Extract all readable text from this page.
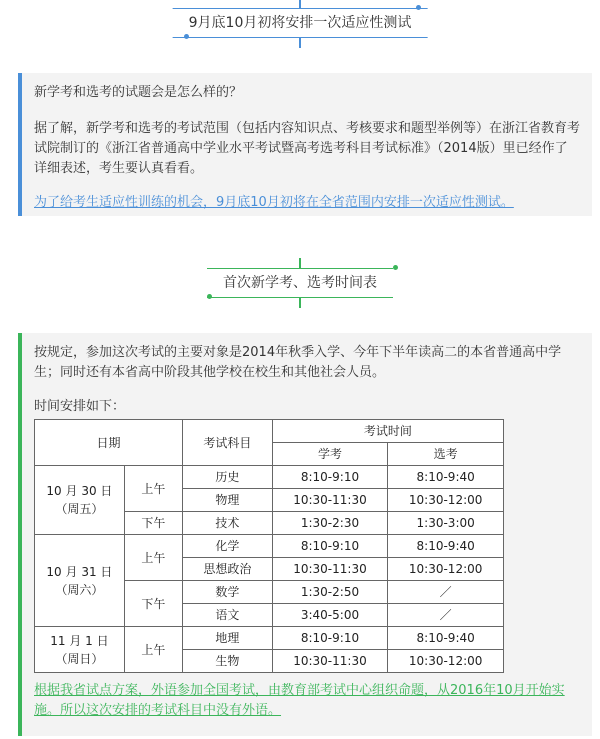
9月底10月初将安排一次适应性测试

新学考和选考的试题会是怎么样的？

据了解，新学考和选考的考试范围（包括内容知识点、考核要求和题型举例等）在浙江省教育考试院制订的《浙江省普通高中学业水平考试暨高考选考科目考试标准》（2014版）里已经作了详细表述，考生要认真看看。

为了给考生适应性训练的机会，9月底10月初将在全省范围内安排一次适应性测试。

首次新学考、选考时间表

按规定，参加这次考试的主要对象是2014年秋季入学、今年下半年读高二的本省普通高中学生；同时还有本省高中阶段其他学校在校生和其他社会人员。

时间安排如下：

日期		考试科目	考试时间	
			学考	选考

10 月 30 日
（周五）	上午	历史	8:10-9:10	8:10-9:40
		物理	10:30-11:30	10:30-12:00
	下午	技术	1:30-2:30	1:30-3:00

10 月 31 日
（周六）	上午	化学	8:10-9:10	8:10-9:40
		思想政治	10:30-11:30	10:30-12:00
	下午	数学	1:30-2:50	／
		语文	3:40-5:00	／

11 月 1 日
（周日）	上午	地理	8:10-9:10	8:10-9:40
		生物	10:30-11:30	10:30-12:00

根据我省试点方案，外语参加全国考试，由教育部考试中心组织命题，从2016年10月开始实施。所以这次安排的考试科目中没有外语。
